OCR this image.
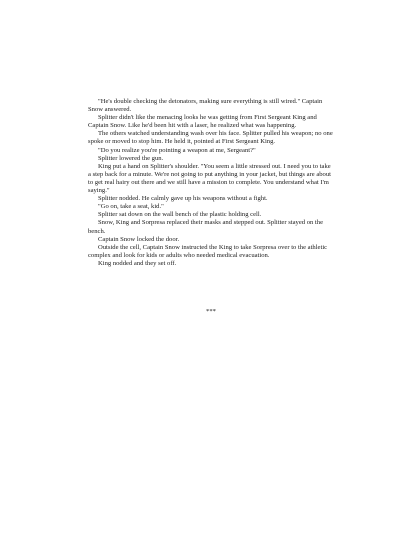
"He's double checking the detonators, making sure everything is still wired." Captain Snow answered.

Splitter didn't like the menacing looks he was getting from First Sergeant King and Captain Snow. Like he'd been hit with a laser, he realized what was happening.

The others watched understanding wash over his face. Splitter pulled his weapon; no one spoke or moved to stop him. He held it, pointed at First Sergeant King.

"Do you realize you're pointing a weapon at me, Sergeant?"

Splitter lowered the gun.

King put a hand on Splitter's shoulder. "You seem a little stressed out. I need you to take a step back for a minute. We're not going to put anything in your jacket, but things are about to get real hairy out there and we still have a mission to complete. You understand what I'm saying."

Splitter nodded. He calmly gave up his weapons without a fight.

"Go on, take a seat, kid."

Splitter sat down on the wall bench of the plastic holding cell.

Snow, King and Sorpresa replaced their masks and stepped out. Splitter stayed on the bench.

Captain Snow locked the door.

Outside the cell, Captain Snow instructed the King to take Sorpresa over to the athletic complex and look for kids or adults who needed medical evacuation.

King nodded and they set off.

***
